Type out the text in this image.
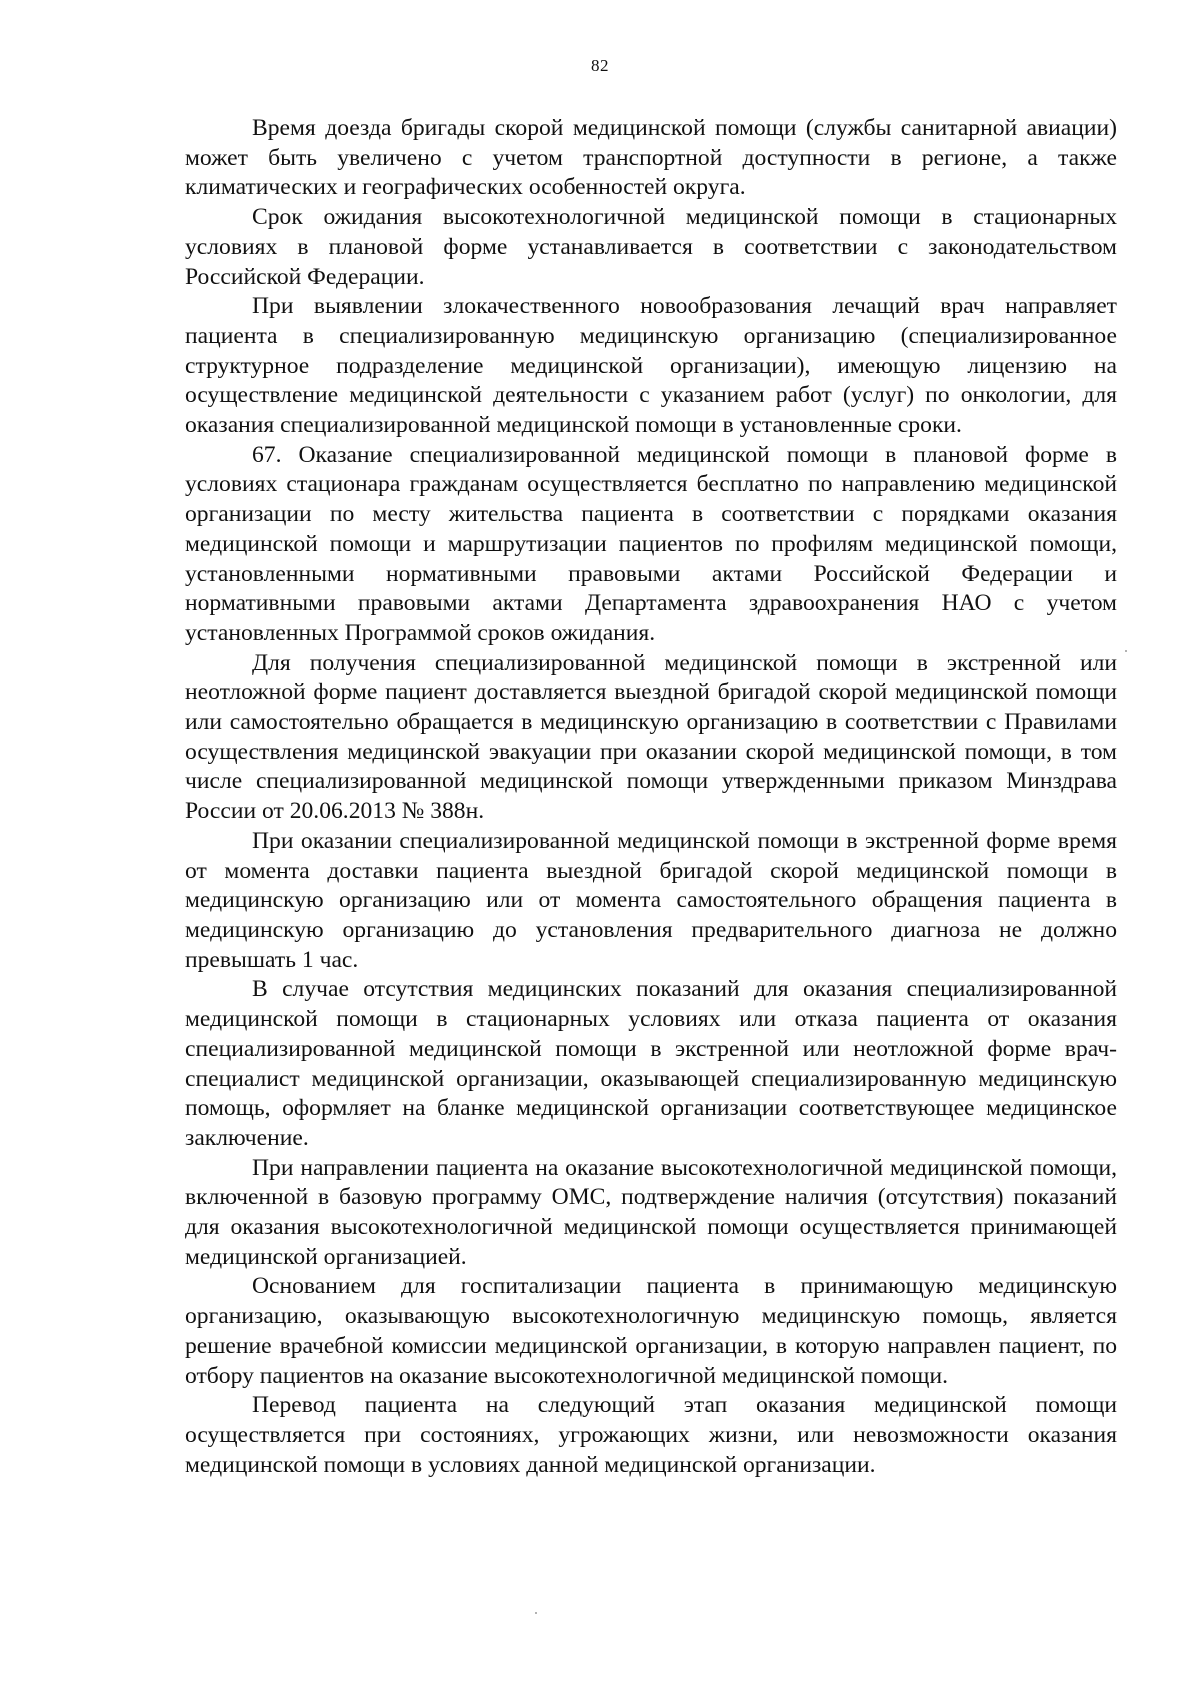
82

Время доезда бригады скорой медицинской помощи (службы санитарной авиации) может быть увеличено с учетом транспортной доступности в регионе, а также климатических и географических особенностей округа.

Срок ожидания высокотехнологичной медицинской помощи в стационарных условиях в плановой форме устанавливается в соответствии с законодательством Российской Федерации.

При выявлении злокачественного новообразования лечащий врач направляет пациента в специализированную медицинскую организацию (специализированное структурное подразделение медицинской организации), имеющую лицензию на осуществление медицинской деятельности с указанием работ (услуг) по онкологии, для оказания специализированной медицинской помощи в установленные сроки.

67. Оказание специализированной медицинской помощи в плановой форме в условиях стационара гражданам осуществляется бесплатно по направлению медицинской организации по месту жительства пациента в соответствии с порядками оказания медицинской помощи и маршрутизации пациентов по профилям медицинской помощи, установленными нормативными правовыми актами Российской Федерации и нормативными правовыми актами Департамента здравоохранения НАО с учетом установленных Программой сроков ожидания.

Для получения специализированной медицинской помощи в экстренной или неотложной форме пациент доставляется выездной бригадой скорой медицинской помощи или самостоятельно обращается в медицинскую организацию в соответствии с Правилами осуществления медицинской эвакуации при оказании скорой медицинской помощи, в том числе специализированной медицинской помощи утвержденными приказом Минздрава России от 20.06.2013 № 388н.

При оказании специализированной медицинской помощи в экстренной форме время от момента доставки пациента выездной бригадой скорой медицинской помощи в медицинскую организацию или от момента самостоятельного обращения пациента в медицинскую организацию до установления предварительного диагноза не должно превышать 1 час.

В случае отсутствия медицинских показаний для оказания специализированной медицинской помощи в стационарных условиях или отказа пациента от оказания специализированной медицинской помощи в экстренной или неотложной форме врач-специалист медицинской организации, оказывающей специализированную медицинскую помощь, оформляет на бланке медицинской организации соответствующее медицинское заключение.

При направлении пациента на оказание высокотехнологичной медицинской помощи, включенной в базовую программу ОМС, подтверждение наличия (отсутствия) показаний для оказания высокотехнологичной медицинской помощи осуществляется принимающей медицинской организацией.

Основанием для госпитализации пациента в принимающую медицинскую организацию, оказывающую высокотехнологичную медицинскую помощь, является решение врачебной комиссии медицинской организации, в которую направлен пациент, по отбору пациентов на оказание высокотехнологичной медицинской помощи.

Перевод пациента на следующий этап оказания медицинской помощи осуществляется при состояниях, угрожающих жизни, или невозможности оказания медицинской помощи в условиях данной медицинской организации.
